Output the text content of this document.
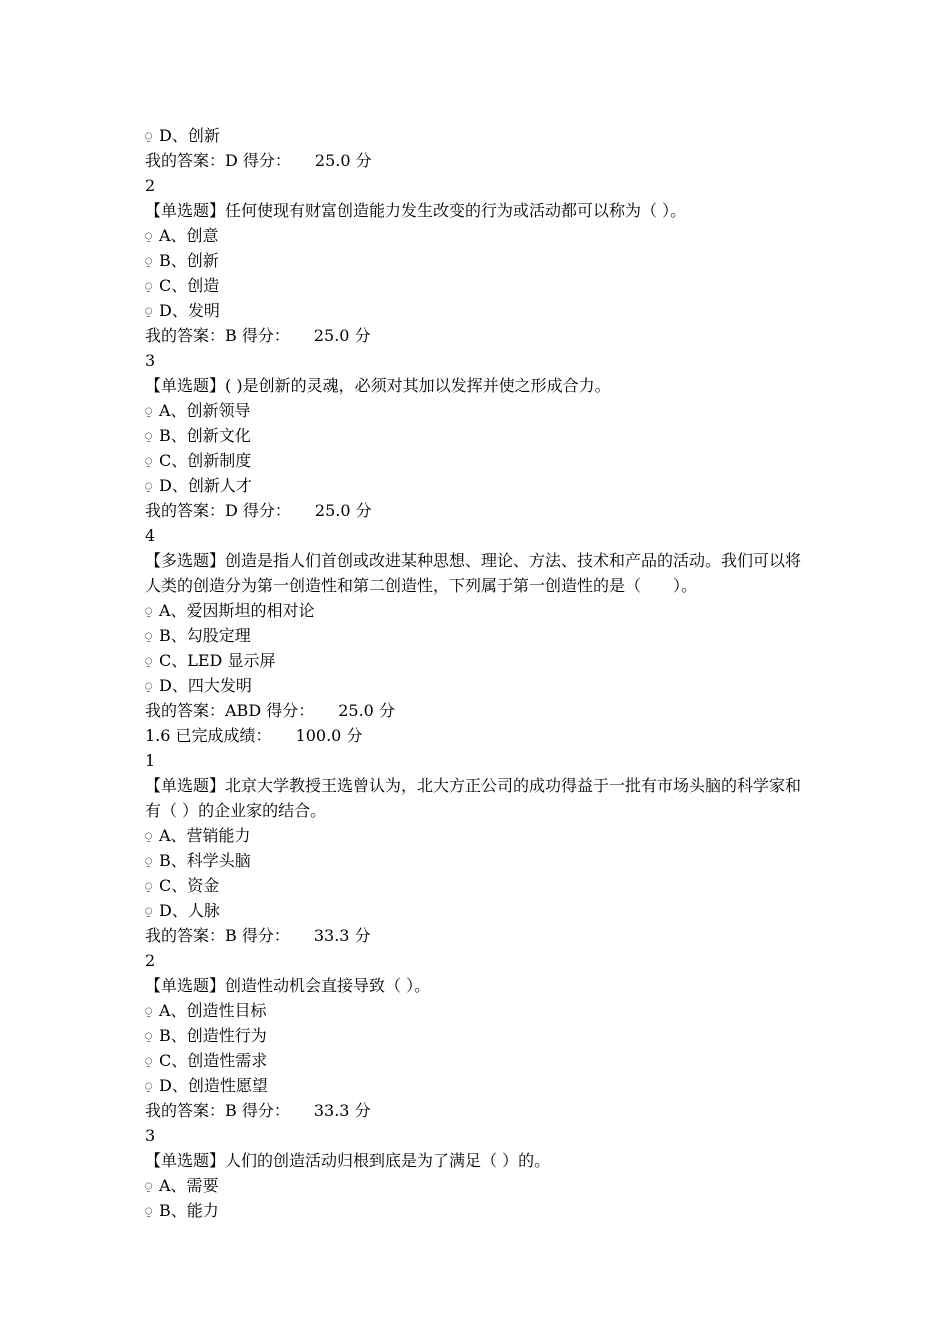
⍜ D、创新
我的答案：D 得分： 25.0 分
2
【单选题】任何使现有财富创造能力发生改变的行为或活动都可以称为（ ）。
⍜ A、创意
⍜ B、创新
⍜ C、创造
⍜ D、发明
我的答案：B 得分： 25.0 分
3
【单选题】( )是创新的灵魂，必须对其加以发挥并使之形成合力。
⍜ A、创新领导
⍜ B、创新文化
⍜ C、创新制度
⍜ D、创新人才
我的答案：D 得分： 25.0 分
4
【多选题】创造是指人们首创或改进某种思想、理论、方法、技术和产品的活动。我们可以将人类的创造分为第一创造性和第二创造性，下列属于第一创造性的是（　　）。
⍜ A、爱因斯坦的相对论
⍜ B、勾股定理
⍜ C、LED 显示屏
⍜ D、四大发明
我的答案：ABD 得分： 25.0 分
1.6 已完成成绩： 100.0 分
1
【单选题】北京大学教授王选曾认为，北大方正公司的成功得益于一批有市场头脑的科学家和有（ ）的企业家的结合。
⍜ A、营销能力
⍜ B、科学头脑
⍜ C、资金
⍜ D、人脉
我的答案：B 得分： 33.3 分
2
【单选题】创造性动机会直接导致（ ）。
⍜ A、创造性目标
⍜ B、创造性行为
⍜ C、创造性需求
⍜ D、创造性愿望
我的答案：B 得分： 33.3 分
3
【单选题】人们的创造活动归根到底是为了满足（ ）的。
⍜ A、需要
⍜ B、能力
